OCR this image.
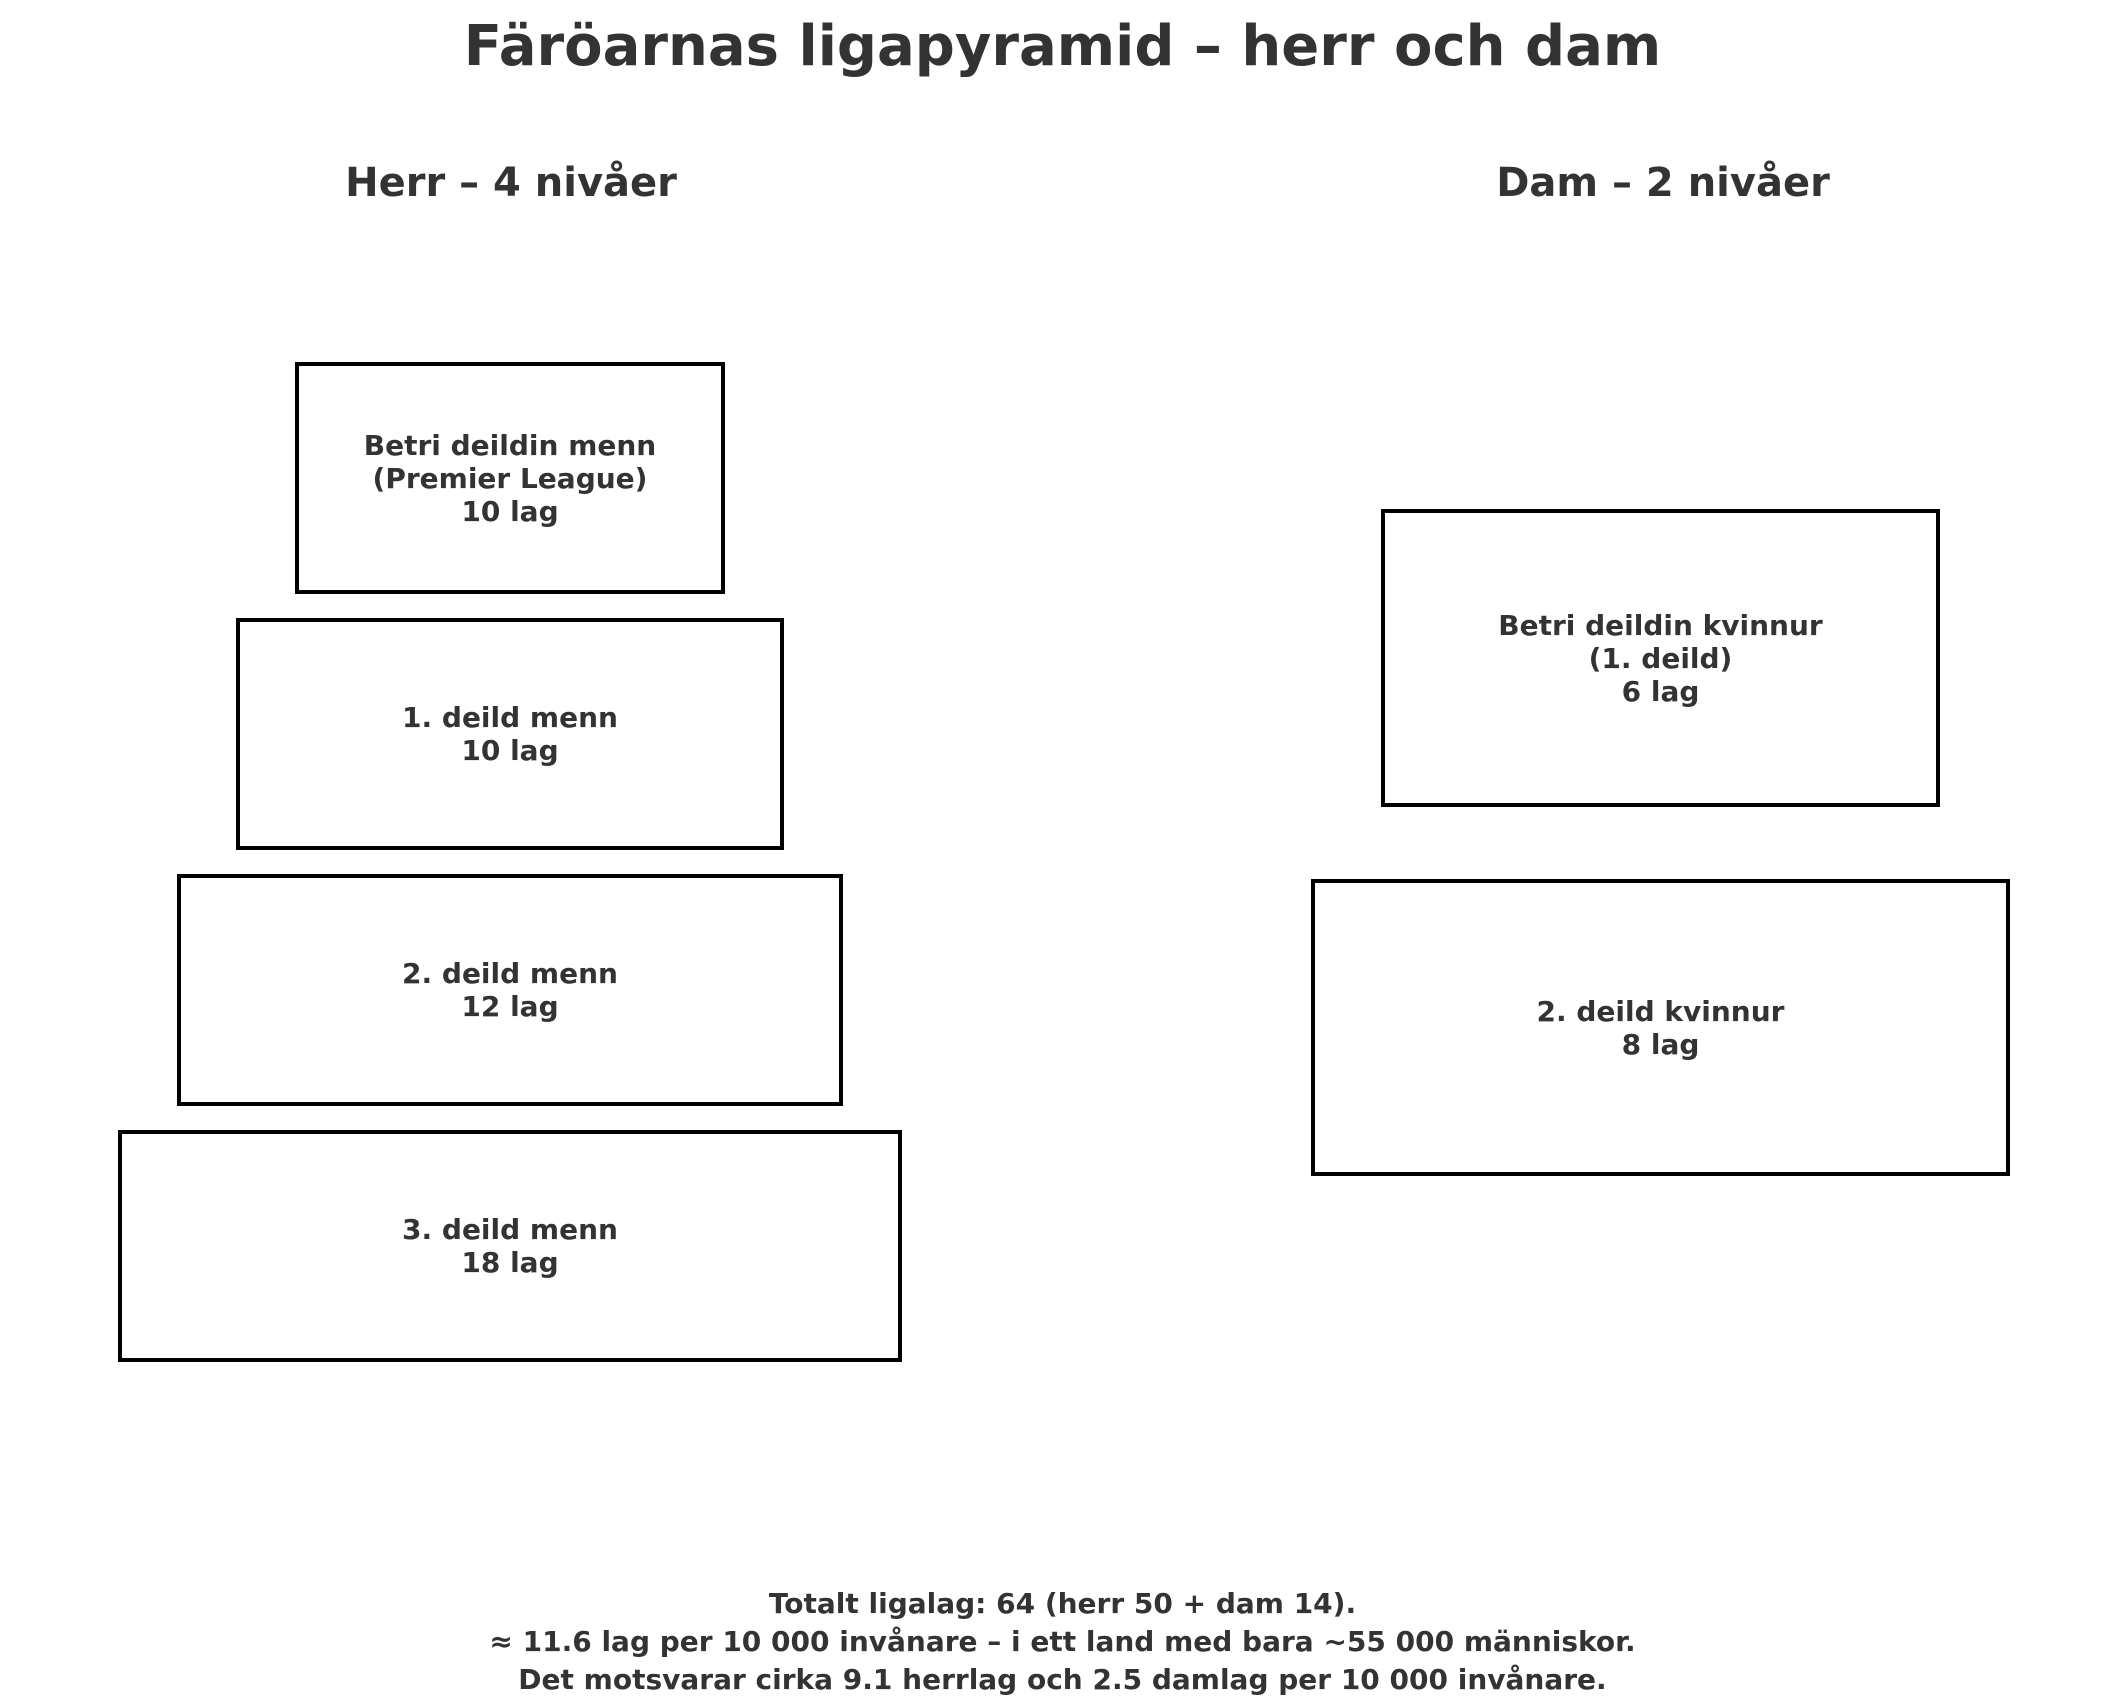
Färöarnas ligapyramid – herr och dam
Herr – 4 nivåer	Dam – 2 nivåer
Betri deildin menn
(Premier League)
10 lag
1. deild menn
10 lag
2. deild menn
12 lag
3. deild menn
18 lag
Betri deildin kvinnur
(1. deild)
6 lag
2. deild kvinnur
8 lag
Totalt ligalag: 64 (herr 50 + dam 14).
≈ 11.6 lag per 10 000 invånare – i ett land med bara ~55 000 människor.
Det motsvarar cirka 9.1 herrlag och 2.5 damlag per 10 000 invånare.
